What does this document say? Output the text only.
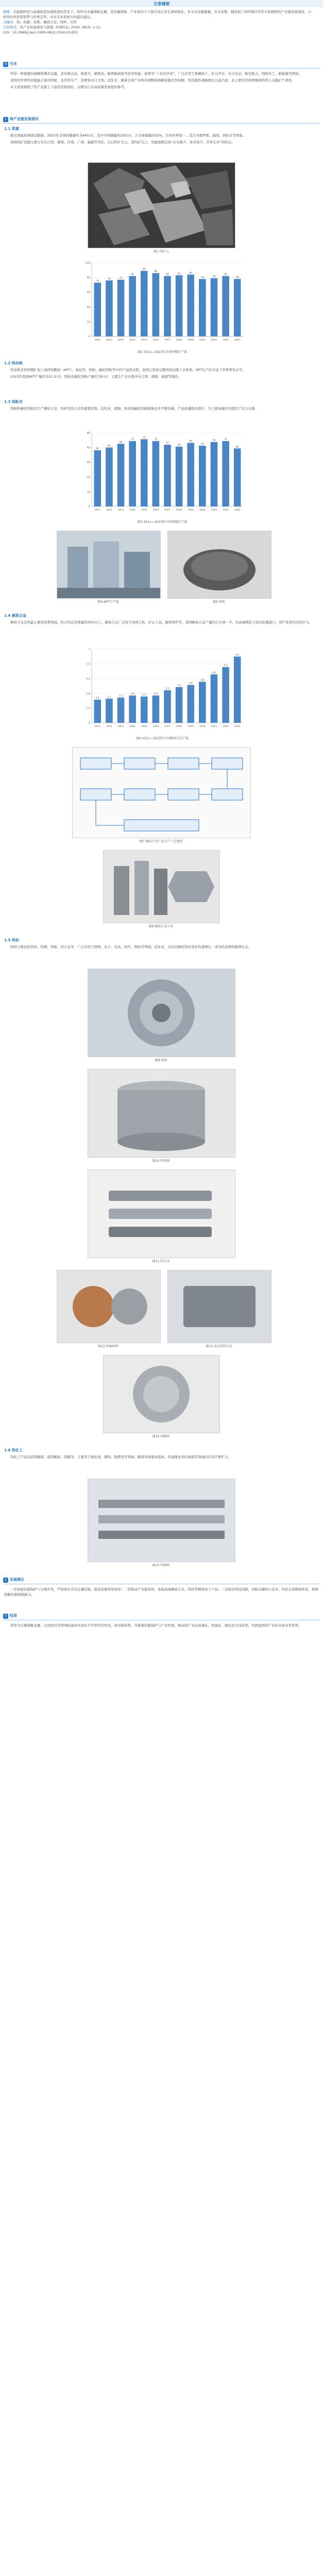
文章摘要
摘要：在能源转型与高端制造加速推进的背景下，钨作为关键战略金属，其资源保障、产业格局与下游应用正发生深刻变化。本文从资源储量、开采冶炼、精深加工到终端应用等方面梳理钨产业链发展现状，分析国内外供需形势与价格走势，并对未来发展方向提出建议。
关键词：钨；资源；冶炼；硬质合金；钨材；应用
引用格式：钨产业发展现状与展望. 中国钨业, 2024, 39(3): 1-12.
DOI：10.3969/j.issn.1009-0622.2024.03.001
0 引言

钨是一种重要的战略性稀有金属，具有熔点高、密度大、硬度高、耐磨耐腐蚀等优异性能，被誉为“工业的牙齿”，广泛应用于机械加工、矿山开采、电子信息、航空航天、国防军工、新能源等领域。

我国是世界钨资源最丰富的国家，也是钨生产、消费和出口大国。近年来，随着全球产业格局调整和战略资源竞争加剧，钨资源的战略地位日益凸显，各主要经济体相继将钨列入关键矿产清单。

本文系统梳理了钨产业链上下游的发展现状，以期为行业高质量发展提供参考。

1 钨产业链发展现状
1.1 资源

据美国地质调查局数据，2023年全球钨储量约为440万t，其中中国储量约230万t，占全球储量的52%，位居世界第一。其次为俄罗斯、越南、西班牙等国家。

我国钨矿资源主要分布在江西、湖南、河南、广西、福建等省区，以白钨矿为主，黑钨矿次之，资源禀赋呈现“白多黑少、贫多富少、共伴生多”的特点。

图1 钨矿石
0
20
40
60
80
100
73
2011
76
2012
77
2013
82
2014
89
2015
86
2016
82
2017
83
2018
84
2019
78
2020
79
2021
82
2022
78
2023
图2 2011—2023年全球钨精矿产量
1.2 钨冶炼

钨冶炼是将钨精矿加工成仲钨酸铵（APT）、氧化钨、钨粉、碳化钨粉等中间产品的过程。我国已形成完整的钨冶炼工业体系，APT生产技术处于世界领先水平。

2023年我国APT产量约为11.5万t，钨粉及碳化钨粉产量约为9万t，主要生产企业集中在江西、湖南、福建等地区。

1.3 钨粉末

钨粉和碳化钨粉是生产硬质合金、钨材及钨合金的重要原料。近年来，超细、纳米级碳化钨粉制备技术不断突破，产品质量稳步提升，为下游高端应用提供了有力支撑。

0
16
32
48
64
80
61
2011
64
2012
68
2013
71
2014
73
2015
71
2016
67
2017
65
2018
69
2019
66
2020
70
2021
71
2022
63
2023
图3 2011—2023年中国钨精矿产量
图4 APT生产线	图5 钨粉
1.4 硬质合金

硬质合金是钨最主要的消费领域，约占钨总消费量的55%以上。硬质合金广泛用于切削刀具、矿山工具、耐磨零件等。我国硬质合金产量约占全球一半，但高端数控刀具仍依赖进口，国产化替代空间巨大。

0
1.4
2.8
4.2
5.6
7
2.2
2011
2.3
2012
2.4
2013
2.6
2014
2.5
2015
2.6
2016
3.1
2017
3.4
2018
3.6
2019
3.9
2020
4.6
2021
5.3
2022
6.3
2023
图6 2011—2023年中国硬质合金产量
图7 硬质合金产品生产工艺流程
图8 硬质合金刀具
1.5 钨材

钨材主要包括钨丝、钨棒、钨板、钨合金等，广泛应用于照明、电子、光伏、医疗、国防等领域。近年来，光伏切割用钨丝需求快速增长，成为钨消费的新增长点。

图9 钨丝
图10 钨坩埚
图11 钨合金
图12 钨铜材料	图13 高比重钨合金
图14 钨靶材
1.6 钨化工

钨化工产品包括钨酸钠、偏钨酸铵、钨酸等，主要用于催化剂、颜料、阻燃剂等领域。随着环保要求提高，钨基催化剂在脱硝等领域的应用不断扩大。

图15 钨棒材
2 发展建议

一是加强资源保护与合理开发，严格落实开采总量控制，提高资源利用效率；二是推动产业链延伸，发展高端硬质合金、钨材等精深加工产品；三是强化科技创新，突破关键核心技术；四是完善储备体系，增强战略资源保障能力。

3 结语

钨作为关键战略金属，在国民经济和国防建设中具有不可替代的作用。面对新形势，应统筹资源保护与产业发展，推动钨产业向高端化、智能化、绿色化方向转型，巩固我国钨产业的全球竞争优势。
